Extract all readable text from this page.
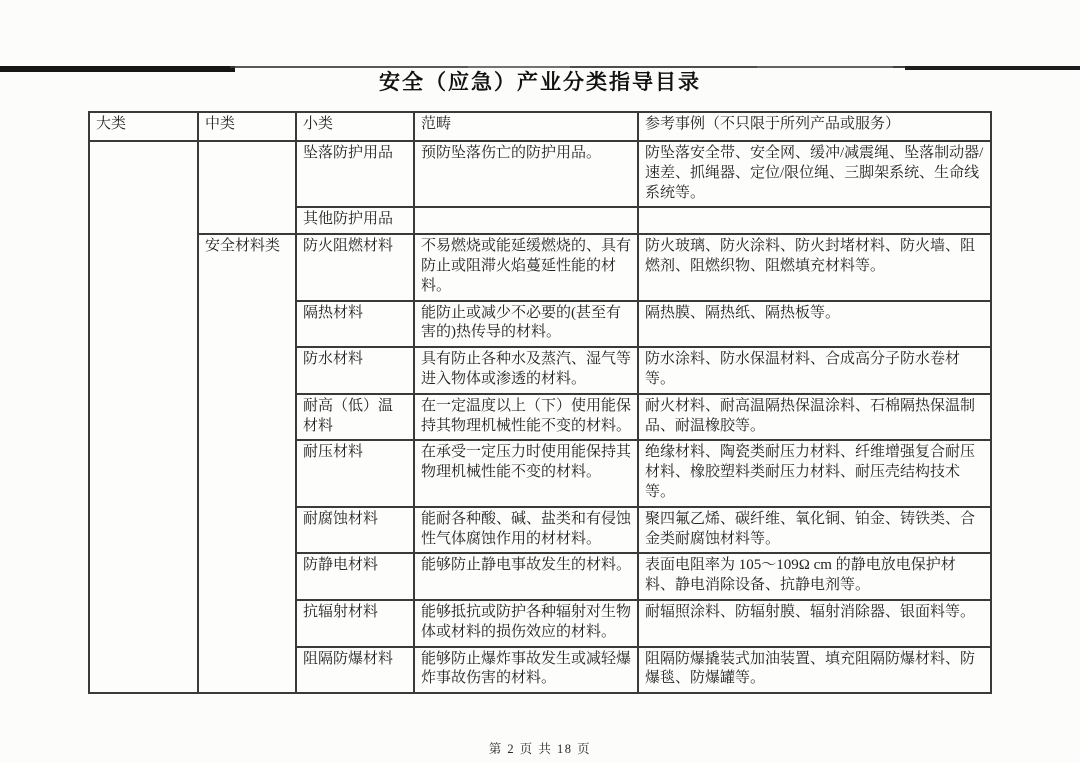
安全（应急）产业分类指导目录
大类	中类	小类	范畴	参考事例（不只限于所列产品或服务）
		坠落防护用品	预防坠落伤亡的防护用品。	防坠落安全带、安全网、缓冲/减震绳、坠落制动器/速差、抓绳器、定位/限位绳、三脚架系统、生命线系统等。
		其他防护用品		
	安全材料类	防火阻燃材料	不易燃烧或能延缓燃烧的、具有防止或阻滞火焰蔓延性能的材料。	防火玻璃、防火涂料、防火封堵材料、防火墙、阻燃剂、阻燃织物、阻燃填充材料等。
		隔热材料	能防止或减少不必要的(甚至有害的)热传导的材料。	隔热膜、隔热纸、隔热板等。
		防水材料	具有防止各种水及蒸汽、湿气等进入物体或渗透的材料。	防水涂料、防水保温材料、合成高分子防水卷材等。
		耐高（低）温材料	在一定温度以上（下）使用能保持其物理机械性能不变的材料。	耐火材料、耐高温隔热保温涂料、石棉隔热保温制品、耐温橡胶等。
		耐压材料	在承受一定压力时使用能保持其物理机械性能不变的材料。	绝缘材料、陶瓷类耐压力材料、纤维增强复合耐压材料、橡胶塑料类耐压力材料、耐压壳结构技术等。
		耐腐蚀材料	能耐各种酸、碱、盐类和有侵蚀性气体腐蚀作用的材材料。	聚四氟乙烯、碳纤维、氧化铜、铂金、铸铁类、合金类耐腐蚀材料等。
		防静电材料	能够防止静电事故发生的材料。	表面电阻率为 105～109Ω cm 的静电放电保护材料、静电消除设备、抗静电剂等。
		抗辐射材料	能够抵抗或防护各种辐射对生物体或材料的损伤效应的材料。	耐辐照涂料、防辐射膜、辐射消除器、银面料等。
		阻隔防爆材料	能够防止爆炸事故发生或减轻爆炸事故伤害的材料。	阻隔防爆撬装式加油装置、填充阻隔防爆材料、防爆毯、防爆罐等。
第 2 页 共 18 页
